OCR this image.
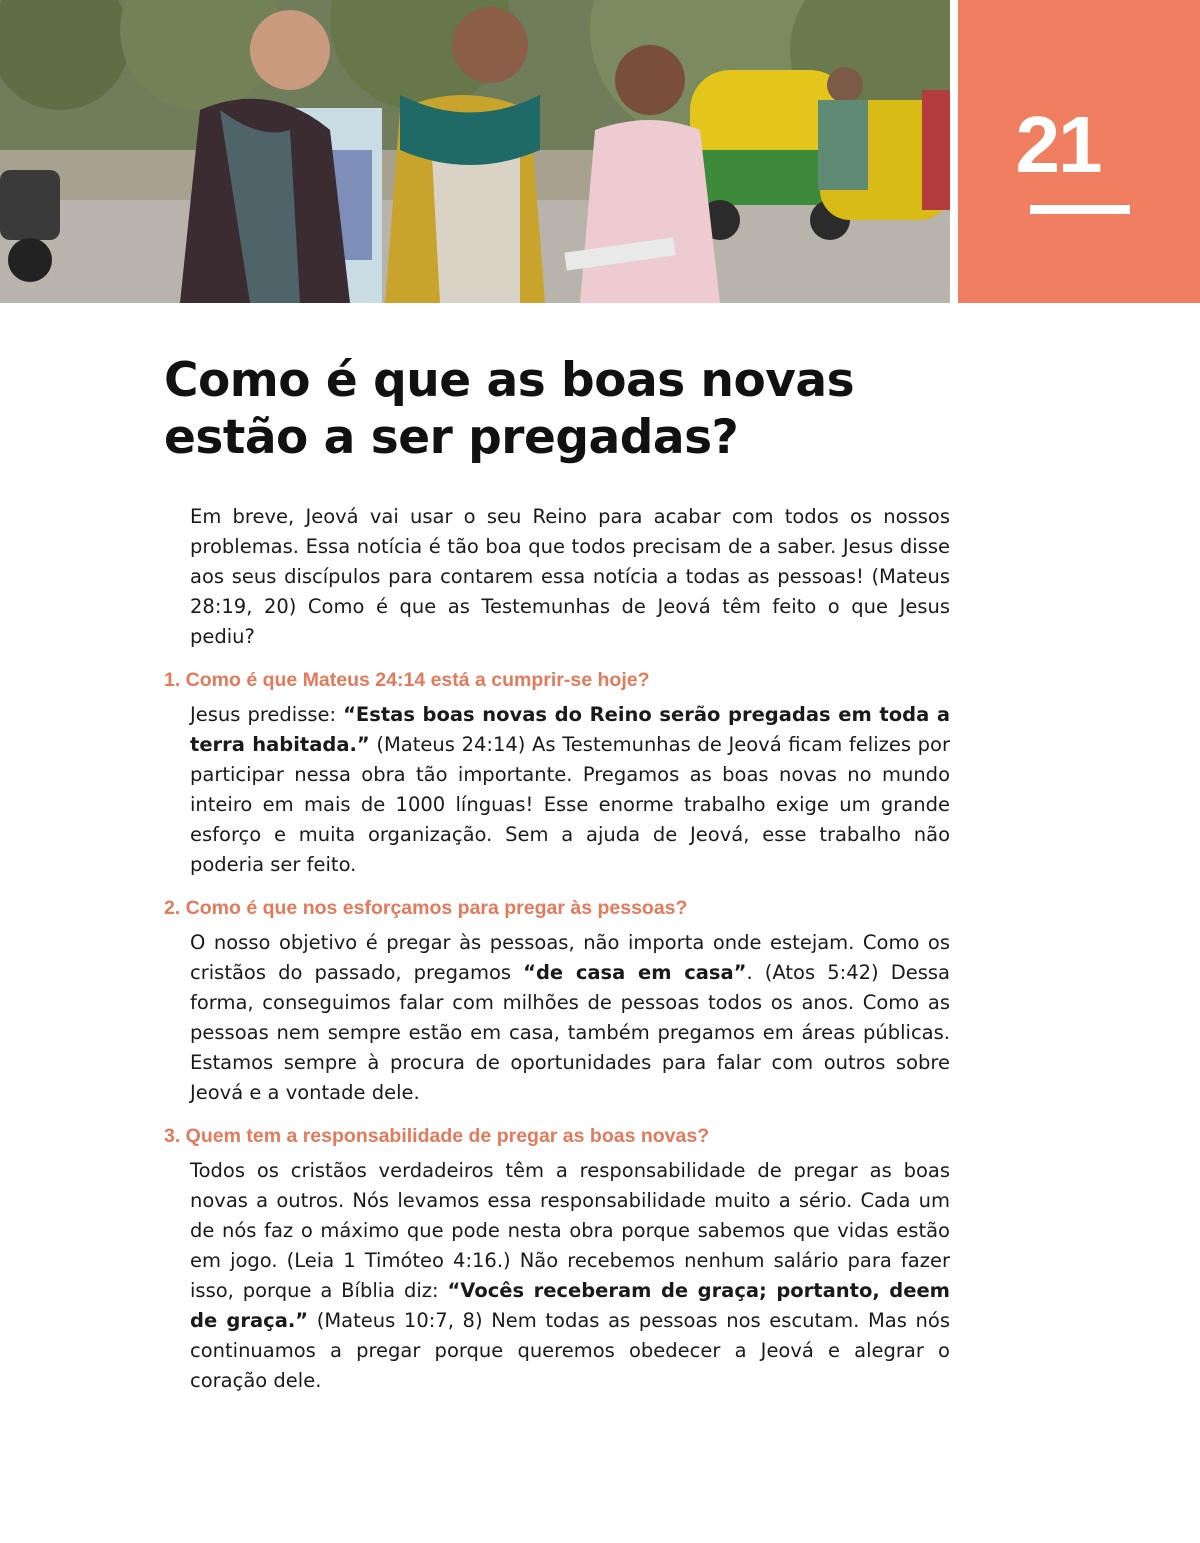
21
Como é que as boas novas
estão a ser pregadas?

Em breve, Jeová vai usar o seu Reino para acabar com todos os nossos problemas. Essa notícia é tão boa que todos precisam de a saber. Jesus disse aos seus discípulos para contarem essa notícia a todas as pessoas! (Mateus 28:19, 20) Como é que as Testemunhas de Jeová têm feito o que Jesus pediu?

1. Como é que Mateus 24:14 está a cumprir-se hoje?

Jesus predisse: “Estas boas novas do Reino serão pregadas em toda a terra habitada.” (Mateus 24:14) As Testemunhas de Jeová ficam felizes por participar nessa obra tão importante. Pregamos as boas novas no mundo inteiro em mais de 1000 línguas! Esse enorme trabalho exige um grande esforço e muita organização. Sem a ajuda de Jeová, esse trabalho não poderia ser feito.

2. Como é que nos esforçamos para pregar às pessoas?

O nosso objetivo é pregar às pessoas, não importa onde estejam. Como os cristãos do passado, pregamos “de casa em casa”. (Atos 5:42) Dessa forma, conseguimos falar com milhões de pessoas todos os anos. Como as pessoas nem sempre estão em casa, também pregamos em áreas públicas. Estamos sempre à procura de oportunidades para falar com outros sobre Jeová e a vontade dele.

3. Quem tem a responsabilidade de pregar as boas novas?

Todos os cristãos verdadeiros têm a responsabilidade de pregar as boas novas a outros. Nós levamos essa responsabilidade muito a sério. Cada um de nós faz o máximo que pode nesta obra porque sabemos que vidas estão em jogo. (Leia 1 Timóteo 4:16.) Não recebemos nenhum salário para fazer isso, porque a Bíblia diz: “Vocês receberam de graça; portanto, deem de graça.” (Mateus 10:7, 8) Nem todas as pessoas nos escutam. Mas nós continuamos a pregar porque queremos obedecer a Jeová e alegrar o coração dele.
